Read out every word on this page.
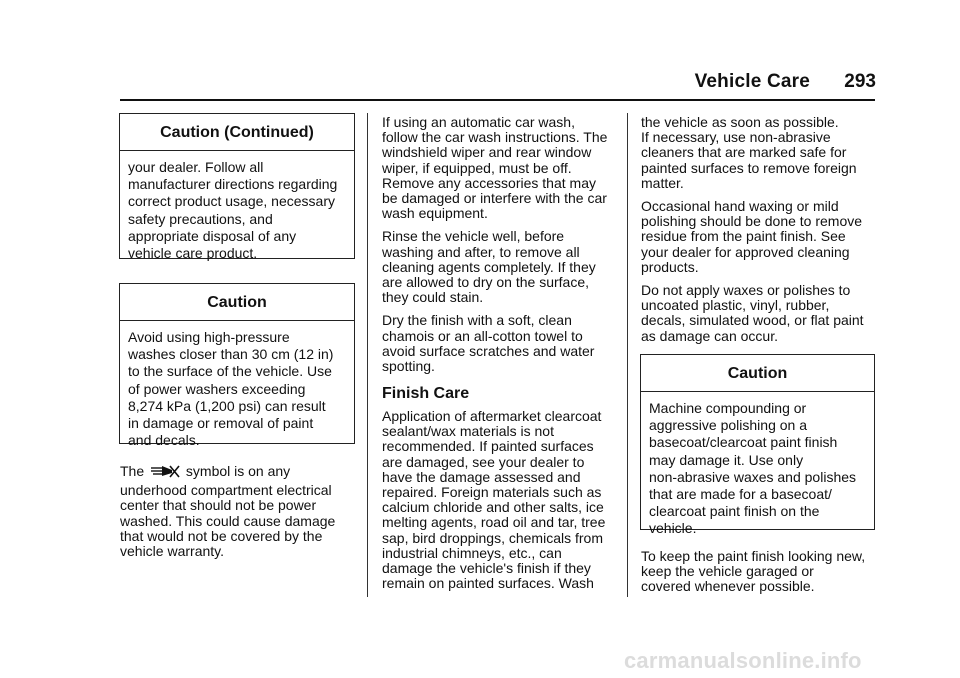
Vehicle Care	293
Caution (Continued)
your dealer. Follow all
manufacturer directions regarding
correct product usage, necessary
safety precautions, and
appropriate disposal of any
vehicle care product.
Caution
Avoid using high-pressure
washes closer than 30 cm (12 in)
to the surface of the vehicle. Use
of power washers exceeding
8,274 kPa (1,200 psi) can result
in damage or removal of paint
and decals.
The	symbol is on any
underhood compartment electrical
center that should not be power
washed. This could cause damage
that would not be covered by the
vehicle warranty.

If using an automatic car wash,
follow the car wash instructions. The
windshield wiper and rear window
wiper, if equipped, must be off.
Remove any accessories that may
be damaged or interfere with the car
wash equipment.

Rinse the vehicle well, before
washing and after, to remove all
cleaning agents completely. If they
are allowed to dry on the surface,
they could stain.

Dry the finish with a soft, clean
chamois or an all-cotton towel to
avoid surface scratches and water
spotting.

Finish Care
Application of aftermarket clearcoat
sealant/wax materials is not
recommended. If painted surfaces
are damaged, see your dealer to
have the damage assessed and
repaired. Foreign materials such as
calcium chloride and other salts, ice
melting agents, road oil and tar, tree
sap, bird droppings, chemicals from
industrial chimneys, etc., can
damage the vehicle's finish if they
remain on painted surfaces. Wash

the vehicle as soon as possible.
If necessary, use non-abrasive
cleaners that are marked safe for
painted surfaces to remove foreign
matter.

Occasional hand waxing or mild
polishing should be done to remove
residue from the paint finish. See
your dealer for approved cleaning
products.

Do not apply waxes or polishes to
uncoated plastic, vinyl, rubber,
decals, simulated wood, or flat paint
as damage can occur.

Caution
Machine compounding or
aggressive polishing on a
basecoat/clearcoat paint finish
may damage it. Use only
non-abrasive waxes and polishes
that are made for a basecoat/
clearcoat paint finish on the
vehicle.
To keep the paint finish looking new,
keep the vehicle garaged or
covered whenever possible.
carmanualsonline.info
